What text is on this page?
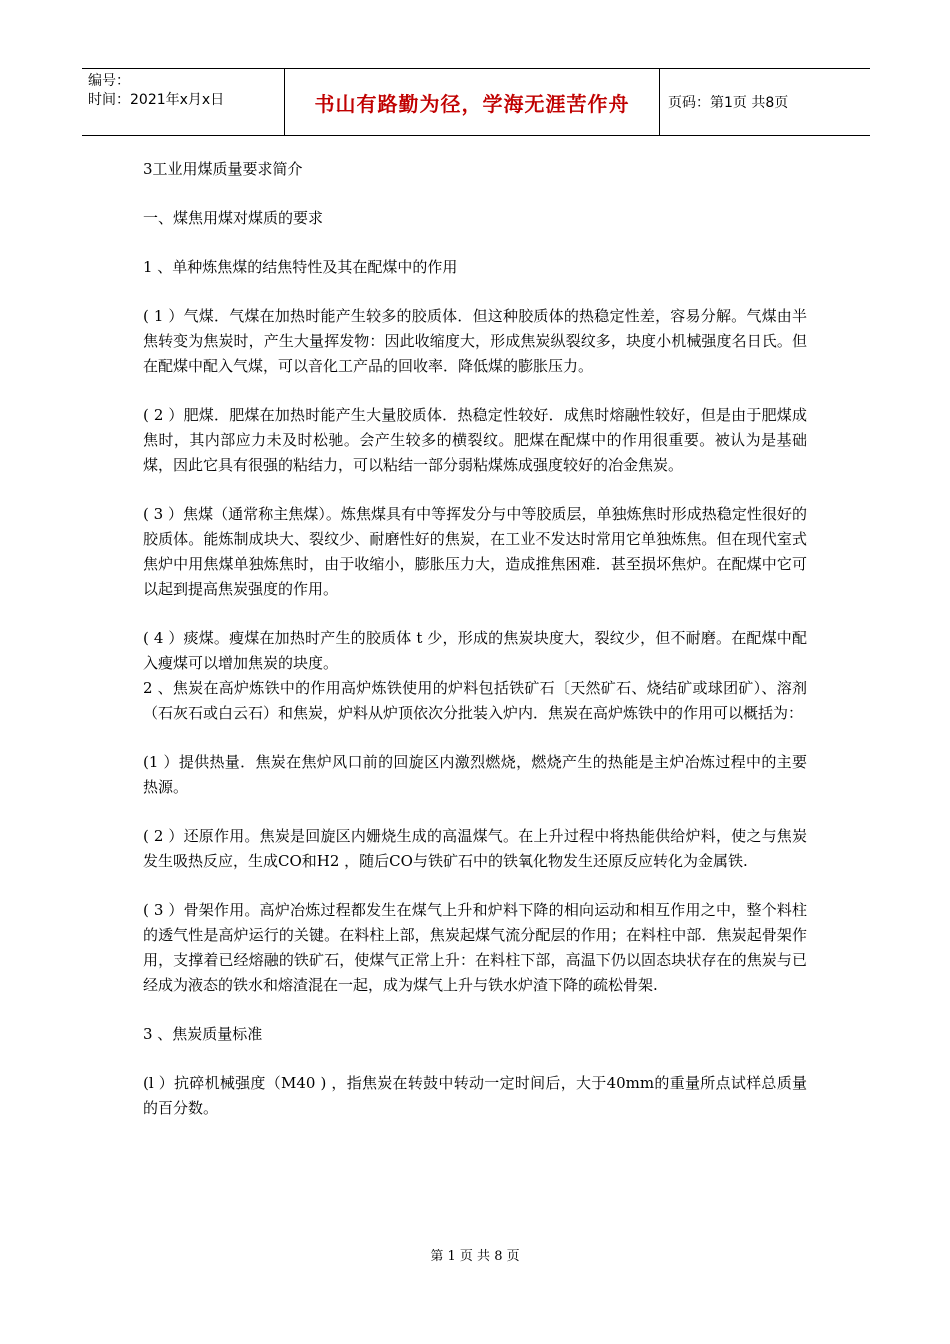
编号：
时间：2021年x月x日	书山有路勤为径，学海无涯苦作舟	页码：第1页 共8页

3工业用煤质量要求简介

一、煤焦用煤对煤质的要求

1 、单种炼焦煤的结焦特性及其在配煤中的作用

( 1 ）气煤．气煤在加热时能产生较多的胶质体．但这种胶质体的热稳定性差，容易分解。气煤由半焦转变为焦炭时，产生大量挥发物：因此收缩度大，形成焦炭纵裂纹多，块度小机械强度名日氏。但在配煤中配入气煤，可以音化工产品的回收率．降低煤的膨胀压力。

( 2 ）肥煤．肥煤在加热时能产生大量胶质体．热稳定性较好．成焦时熔融性较好，但是由于肥煤成焦时，其内部应力未及时松驰。会产生较多的横裂纹。肥煤在配煤中的作用很重要。被认为是基础煤，因此它具有很强的粘结力，可以粘结一部分弱粘煤炼成强度较好的冶金焦炭。

( 3 ）焦煤（通常称主焦煤）。炼焦煤具有中等挥发分与中等胶质层，单独炼焦时形成热稳定性很好的胶质体。能炼制成块大、裂纹少、耐磨性好的焦炭，在工业不发达时常用它单独炼焦。但在现代室式焦炉中用焦煤单独炼焦时，由于收缩小，膨胀压力大，造成推焦困难．甚至损坏焦炉。在配煤中它可以起到提高焦炭强度的作用。

( 4 ）痰煤。瘦煤在加热时产生的胶质体 t 少，形成的焦炭块度大，裂纹少，但不耐磨。在配煤中配入瘦煤可以增加焦炭的块度。

2 、焦炭在高炉炼铁中的作用高炉炼铁使用的炉料包括铁矿石〔天然矿石、烧结矿或球团矿）、溶剂（石灰石或白云石）和焦炭，炉料从炉顶依次分批装入炉内．焦炭在高炉炼铁中的作用可以概括为：

(1 ）提供热量．焦炭在焦炉风口前的回旋区内激烈燃烧，燃烧产生的热能是主炉冶炼过程中的主要热源。

( 2 ）还原作用。焦炭是回旋区内姗烧生成的高温煤气。在上升过程中将热能供给炉料，使之与焦炭发生吸热反应，生成CO和H2 ，随后CO与铁矿石中的铁氧化物发生还原反应转化为金属铁.

( 3 ）骨架作用。高炉冶炼过程都发生在煤气上升和炉料下降的相向运动和相互作用之中，整个料柱的透气性是高炉运行的关键。在料柱上部，焦炭起煤气流分配层的作用；在料柱中部．焦炭起骨架作用，支撑着已经熔融的铁矿石，使煤气正常上升：在料柱下部，高温下仍以固态块状存在的焦炭与已经成为液态的铁水和熔渣混在一起，成为煤气上升与铁水炉渣下降的疏松骨架.

3 、焦炭质量标准

(l ）抗碎机械强度（M40 ) ，指焦炭在转鼓中转动一定时间后，大于40mm的重量所点试样总质量的百分数。

第 1 页 共 8 页
